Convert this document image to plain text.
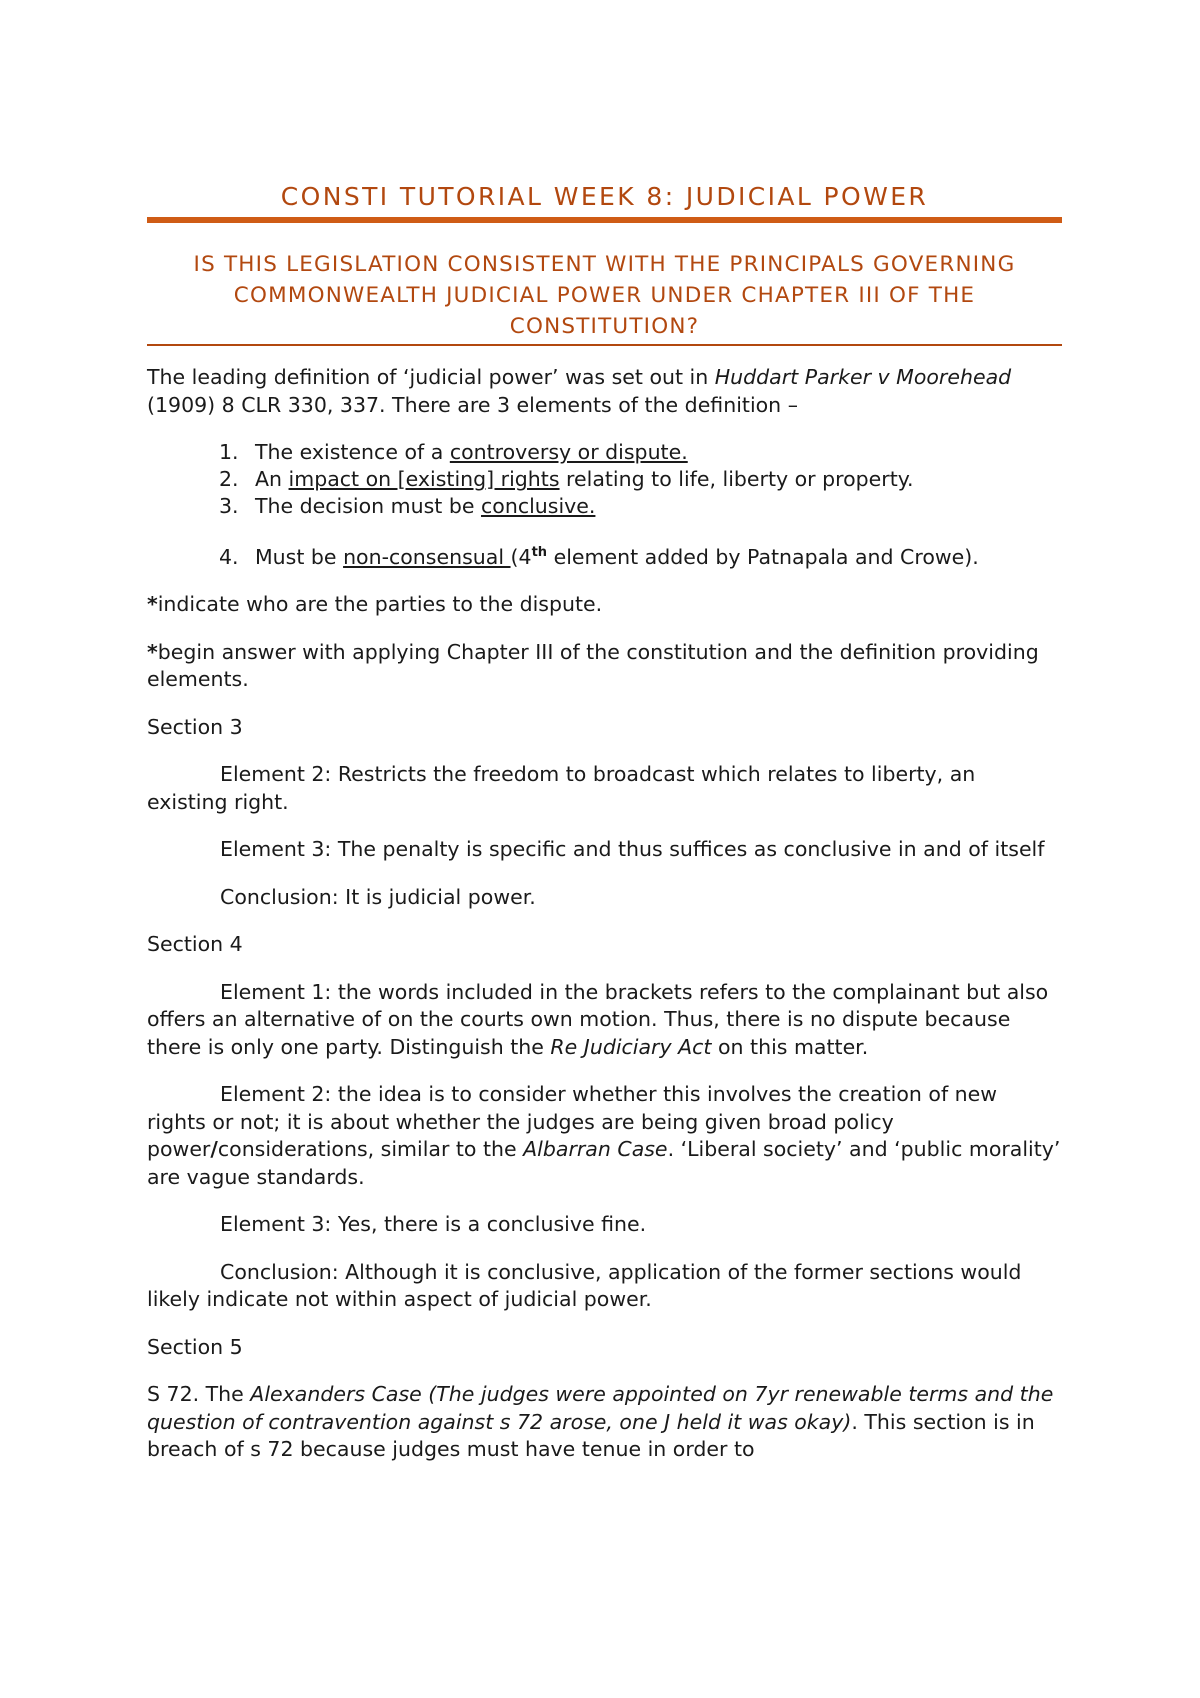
CONSTI TUTORIAL WEEK 8: JUDICIAL POWER
IS THIS LEGISLATION CONSISTENT WITH THE PRINCIPALS GOVERNING COMMONWEALTH JUDICIAL POWER UNDER CHAPTER III OF THE CONSTITUTION?

The leading definition of ‘judicial power’ was set out in Huddart Parker v Moorehead (1909) 8 CLR 330, 337. There are 3 elements of the definition –

1. The existence of a controversy or dispute.
2. An impact on [existing] rights relating to life, liberty or property.
3. The decision must be conclusive.
4. Must be non-consensual (4th element added by Patnapala and Crowe).

*indicate who are the parties to the dispute.

*begin answer with applying Chapter III of the constitution and the definition providing elements.

Section 3

Element 2: Restricts the freedom to broadcast which relates to liberty, an existing right.

Element 3: The penalty is specific and thus suffices as conclusive in and of itself

Conclusion: It is judicial power.

Section 4

Element 1: the words included in the brackets refers to the complainant but also offers an alternative of on the courts own motion. Thus, there is no dispute because there is only one party. Distinguish the Re Judiciary Act on this matter.

Element 2: the idea is to consider whether this involves the creation of new rights or not; it is about whether the judges are being given broad policy power/considerations, similar to the Albarran Case. ‘Liberal society’ and ‘public morality’ are vague standards.

Element 3: Yes, there is a conclusive fine.

Conclusion: Although it is conclusive, application of the former sections would likely indicate not within aspect of judicial power.

Section 5

S 72. The Alexanders Case (The judges were appointed on 7yr renewable terms and the question of contravention against s 72 arose, one J held it was okay). This section is in breach of s 72 because judges must have tenue in order to
